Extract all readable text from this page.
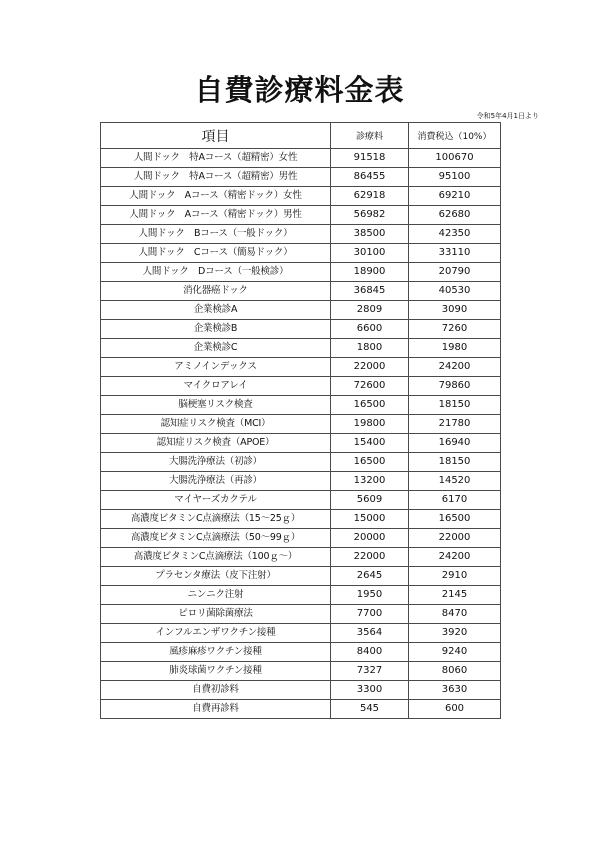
自費診療料金表
令和5年4月1日より
項目	診療料	消費税込（10%）
人間ドック　特Aコース（超精密）女性	91518	100670
人間ドック　特Aコース（超精密）男性	86455	95100
人間ドック　Aコース（精密ドック）女性	62918	69210
人間ドック　Aコース（精密ドック）男性	56982	62680
人間ドック　Bコース（一般ドック）	38500	42350
人間ドック　Cコース（簡易ドック）	30100	33110
人間ドック　Dコース（一般検診）	18900	20790
消化器癌ドック	36845	40530
企業検診A	2809	3090
企業検診B	6600	7260
企業検診C	1800	1980
アミノインデックス	22000	24200
マイクロアレイ	72600	79860
脳梗塞リスク検査	16500	18150
認知症リスク検査（MCI）	19800	21780
認知症リスク検査（APOE）	15400	16940
大腸洗浄療法（初診）	16500	18150
大腸洗浄療法（再診）	13200	14520
マイヤーズカクテル	5609	6170
高濃度ビタミンC点滴療法（15〜25ｇ）	15000	16500
高濃度ビタミンC点滴療法（50〜99ｇ）	20000	22000
高濃度ビタミンC点滴療法（100ｇ〜）	22000	24200
プラセンタ療法（皮下注射）	2645	2910
ニンニク注射	1950	2145
ピロリ菌除菌療法	7700	8470
インフルエンザワクチン接種	3564	3920
風疹麻疹ワクチン接種	8400	9240
肺炎球菌ワクチン接種	7327	8060
自費初診料	3300	3630
自費再診料	545	600
